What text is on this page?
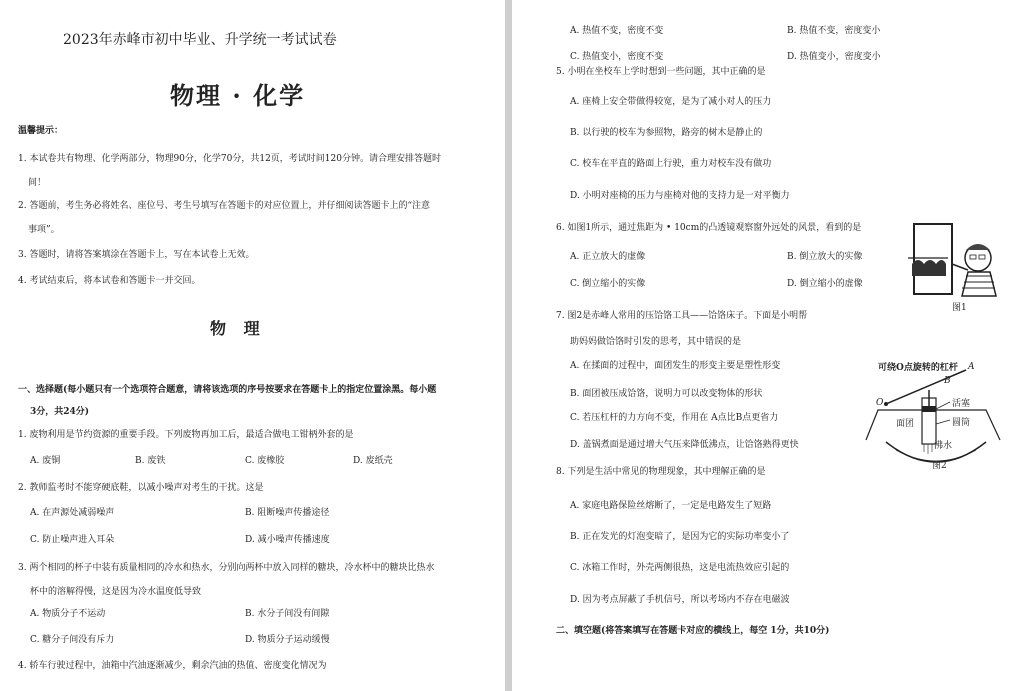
2023年赤峰市初中毕业、升学统一考试试卷
物理 · 化学
温馨提示：
1. 本试卷共有物理、化学两部分，物理90分，化学70分，共12页，考试时间120分钟。请合理安排答题时
间！
2. 答题前，考生务必将姓名、座位号、考生号填写在答题卡的对应位置上，并仔细阅读答题卡上的“注意
事项”。
3. 答题时，请将答案填涂在答题卡上，写在本试卷上无效。
4. 考试结束后，将本试卷和答题卡一并交回。
物 理
一、选择题(每小题只有一个选项符合题意，请将该选项的序号按要求在答题卡上的指定位置涂黑。每小题
3分，共24分)
1. 废物利用是节约资源的重要手段。下列废物再加工后，最适合做电工钳柄外套的是
A. 废铜	B. 废铁	C. 废橡胶	D. 废纸壳
2. 教师监考时不能穿硬底鞋，以减小噪声对考生的干扰。这是
A. 在声源处减弱噪声	B. 阻断噪声传播途径
C. 防止噪声进入耳朵	D. 减小噪声传播速度
3. 两个相同的杯子中装有质量相同的冷水和热水，分别向两杯中放入同样的糖块，冷水杯中的糖块比热水
杯中的溶解得慢，这是因为冷水温度低导致
A. 物质分子不运动	B. 水分子间没有间隙
C. 糖分子间没有斥力	D. 物质分子运动缓慢
4. 轿车行驶过程中，油箱中汽油逐渐减少，剩余汽油的热值、密度变化情况为
A. 热值不变，密度不变	B. 热值不变，密度变小
C. 热值变小，密度不变	D. 热值变小，密度变小
5. 小明在坐校车上学时想到一些问题，其中正确的是
A. 座椅上安全带做得较宽，是为了减小对人的压力
B. 以行驶的校车为参照物，路旁的树木是静止的
C. 校车在平直的路面上行驶，重力对校车没有做功
D. 小明对座椅的压力与座椅对他的支持力是一对平衡力
6. 如图1所示，通过焦距为 • 10cm的凸透镜观察窗外远处的风景，看到的是
A. 正立放大的虚像	B. 倒立放大的实像
C. 倒立缩小的实像	D. 倒立缩小的虚像
图1
7. 图2是赤峰人常用的压饸饹工具——饸饹床子。下面是小明帮
助妈妈做饸饹时引发的思考，其中错误的是
A. 在揉面的过程中，面团发生的形变主要是塑性形变
B. 面团被压成饸饹，说明力可以改变物体的形状
C. 若压杠杆的力方向不变，作用在 A点比B点更省力
D. 盖锅煮面是通过增大气压来降低沸点，让饸饹熟得更快
可绕O点旋转的杠杆 A
B
O	活塞
圆筒
面团
沸水
图2
8. 下列是生活中常见的物理现象，其中理解正确的是
A. 家庭电路保险丝熔断了，一定是电路发生了短路
B. 正在发光的灯泡变暗了，是因为它的实际功率变小了
C. 冰箱工作时，外壳两侧很热，这是电流热效应引起的
D. 因为考点屏蔽了手机信号，所以考场内不存在电磁波
二、填空题(将答案填写在答题卡对应的横线上，每空 1分，共10分)
